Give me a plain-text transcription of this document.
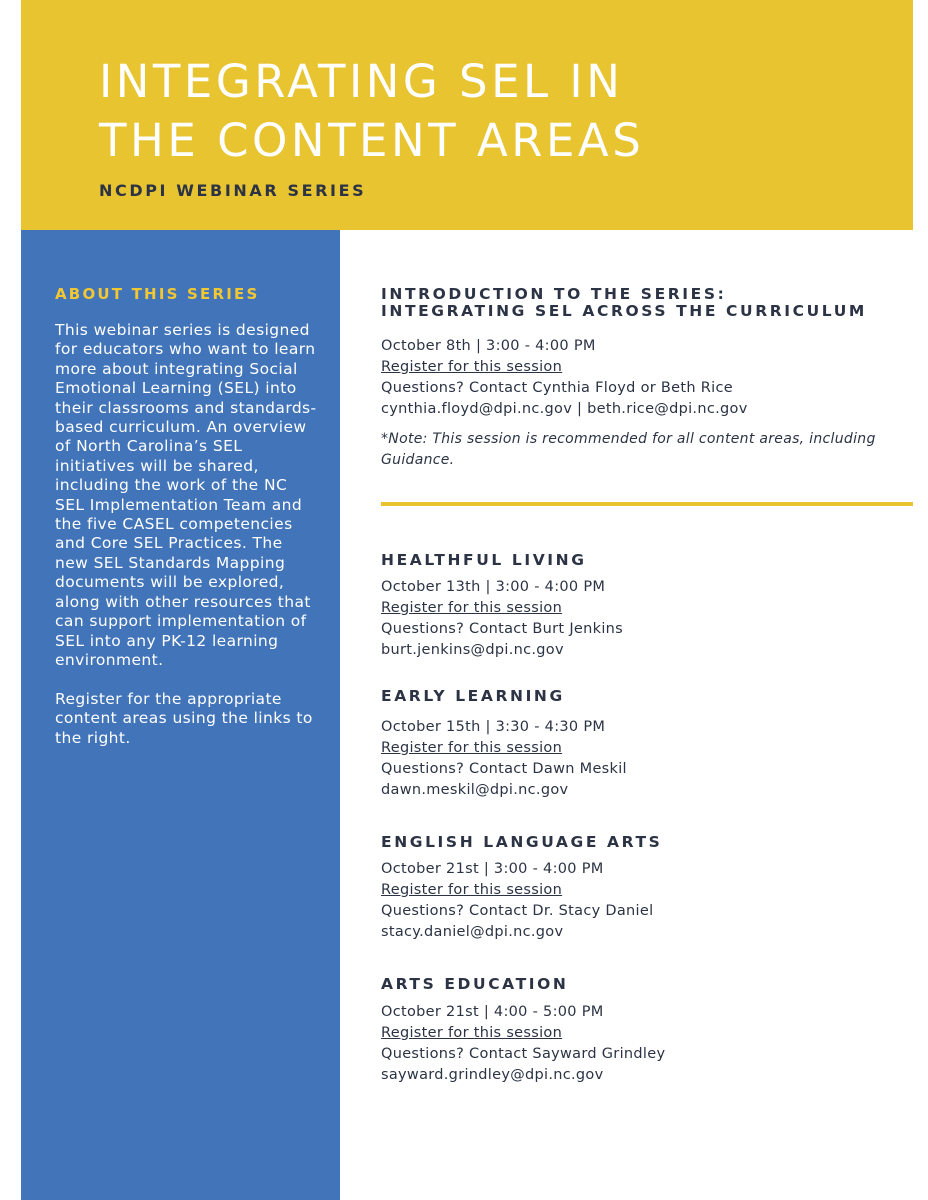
INTEGRATING SEL IN
THE CONTENT AREAS
NCDPI WEBINAR SERIES
ABOUT THIS SERIES

This webinar series is designed for educators who want to learn more about integrating Social Emotional Learning (SEL) into their classrooms and standards-based curriculum. An overview of North Carolina’s SEL initiatives will be shared, including the work of the NC SEL Implementation Team and the five CASEL competencies and Core SEL Practices. The new SEL Standards Mapping documents will be explored, along with other resources that can support implementation of SEL into any PK-12 learning environment.

Register for the appropriate content areas using the links to the right.

INTRODUCTION TO THE SERIES:
INTEGRATING SEL ACROSS THE CURRICULUM
October 8th | 3:00 - 4:00 PM
Register for this session
Questions? Contact Cynthia Floyd or Beth Rice
cynthia.floyd@dpi.nc.gov | beth.rice@dpi.nc.gov
*Note: This session is recommended for all content areas, including Guidance.
HEALTHFUL LIVING
October 13th | 3:00 - 4:00 PM
Register for this session
Questions? Contact Burt Jenkins
burt.jenkins@dpi.nc.gov
EARLY LEARNING
October 15th | 3:30 - 4:30 PM
Register for this session
Questions? Contact Dawn Meskil
dawn.meskil@dpi.nc.gov
ENGLISH LANGUAGE ARTS
October 21st | 3:00 - 4:00 PM
Register for this session
Questions? Contact Dr. Stacy Daniel
stacy.daniel@dpi.nc.gov
ARTS EDUCATION
October 21st | 4:00 - 5:00 PM
Register for this session
Questions? Contact Sayward Grindley
sayward.grindley@dpi.nc.gov
